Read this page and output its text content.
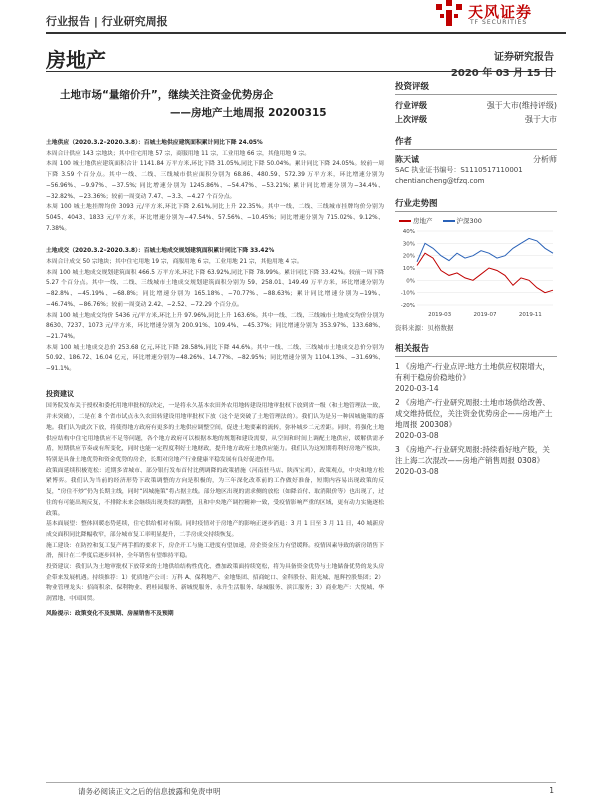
行业报告 | 行业研究周报
天风证券
TF SECURITIES
房地产	证券研究报告
2020 年 03 月 15 日
土地市场“量缩价升”，继续关注资金优势房企
——房地产土地周报 20200315

土地供应（2020.3.2–2020.3.8）：百城土地供应建筑面积累计同比下降 24.05%

本周合计供应 143 宗地块；其中住宅用地 57 宗，商服用地 11 宗，工业用地 66 宗，其他用地 9 宗。

本周 100 城土地供应建筑面积合计 1141.84 万平方米,环比下降 31.05%,同比下降 50.04%。累计同比下降 24.05%。较前一周下降 3.59 个百分点。其中一线、二线、三线城市供应面积分别为 68.86、480.59、572.39 万平方米，环比增速分别为−56.96%、−9.97%、−37.5%; 同比增速分别为 1245.86%、−54.47%、−53.21%; 累计同比增速分别为−34.4%、−32.82%、−23.36%；较前一周变动 7.47、−3.3、−4.27 个百分点。

本周 100 城土地挂牌均价 3093 元/平方米,环比下降 2.61%,同比上升 22.35%。其中一线、二线、三线城市挂牌均价分别为 5045、4043、1833 元/平方米，环比增速分别为−47.54%、57.56%、−10.45%；同比增速分别为 715.02%、9.12%、7.38%。

土地成交（2020.3.2–2020.3.8）：百城土地成交规划建筑面积累计同比下降 33.42%

本周合计成交 50 宗地块；其中住宅用地 19 宗，商服用地 6 宗，工业用地 21 宗，其他用地 4 宗。

本周 100 城土地成交规划建筑面积 466.5 万平方米,环比下降 63.92%,同比下降 78.99%。累计同比下降 33.42%。较前一周下降 5.27 个百分点。其中一线、二线、三线城市土地成交规划建筑面积分别为 59、258.01、149.49 万平方米，环比增速分别为−82.8%、−45.19%、−68.8%；同比增速分别为 165.18%、−70.77%、−88.63%；累计同比增速分别为−19%、−46.74%、−86.76%；较前一周变动 2.42、−2.52、−72.29 个百分点。

本周 100 城土地成交均价 5436 元/平方米,环比上升 97.96%,同比上升 163.6%。其中一线、二线、三线城市土地成交均价分别为 8630、7237、1073 元/平方米，环比增速分别为 200.91%、109.4%、−45.37%；同比增速分别为 353.97%、133.68%、−21.74%。

本周 100 城土地成交总价 253.68 亿元,环比下降 28.58%,同比下降 44.6%。其中一线、二线、三线城市土地成交总价分别为 50.92、186.72、16.04 亿元，环比增速分别为−48.26%、14.77%、−82.95%；同比增速分别为 1104.13%、−31.69%、−91.1%。

投资建议

国务院发布关于授权和委托用地审批权的决定，一是将永久基本农田外农用地转建设用地审批权下放到省一级（和土地管理法一致，并未突破），二是在 8 个省市试点永久农田转建设用地审批权下放（这个是突破了土地管理法的）。我们认为是另一种因城施策的落地。我们认为此次下放，将使得地方政府有更多的土地供应调整空间，促进土地要素的流转，弥补城乡二元差距。同时，将强化土地供应结构中住宅用地供应不足等问题，各个地方政府可以根据本地的规划和建设需要，从空间和时间上调配土地供应，缓解供需矛盾，短期供应节奏或有所变化，同时也能一定程度利好土地财政，提升地方政府土地供应能力。我们认为这短期将利好房地产板块，特别是具备土地优势和资金优势的房企，长期对房地产行业健康平稳发展有良好促进作用。

政策面延续积极宽松：近期多省城市、部分银行发布首付比例调降的政策措施（河南驻马店、陕西宝鸡），政策观点，中央和地方松紧博弈。我们认为当前的经济形势下政策调整的方向是积极的，为三年深化改革前的工作做好准备，短期内容易出现政策的反复，“房住不炒”仍为长期主线，同时“因城施策”将占据主线。部分地区出现的需求侧的放松（如降首付、取消限价等）也出现了，过往的有可能出现反复，不排除未来会继续出现类似的调整，且和中央地产调控精神一致，受疫情影响严重的区域，更有动力实施逐松政策。

基本面展望：整体回暖态势延续，住宅供给相对有限。同时疫情对于房地产的影响正逐步消退：3 月 1 日至 3 月 11 日，40 城新房成交面积同比降幅收窄，部分城市复工率明显提升，二手房成交持续恢复。

施工建设：在防控和复工复产两手抓的要求下，房企开工与施工进度有望加速，房企资金压力有望缓释。疫情因素导致的新房销售下滑，预计在二季度后逐步回补，全年销售有望维持平稳。

投资建议：我们认为土地审批权下放带来的土地供给结构性优化、叠加政策面持续宽松，将为具备资金优势与土地储备优势的龙头房企带来发展机遇。持续推荐：1）优质地产公司：万科 A、保利地产、金地集团、招商蛇口、金科股份、阳光城、旭辉控股集团；2）物业管理龙头：招商积余、保利物业、碧桂园服务、新城悦服务、永升生活服务、绿城服务、滨江服务；3）商业地产：大悦城、华润置地、中国国贸。

风险提示：政策变化不及预期、房屋销售不及预期

投资评级
行业评级	强于大市(维持评级)
上次评级	强于大市
作者
陈天诚	分析师
SAC 执业证书编号：S1110517110001
chentiancheng@tfzq.com
行业走势图
房地产	沪深300
40%
30%
20%
10%
0%
-10%
-20%
2019-03	2019-07	2019-11
资料来源：贝格数据
相关报告
1 《房地产-行业点评:地方土地供应权限增大，有利于稳房价稳地价》
2020-03-14
2 《房地产-行业研究周报:土地市场供给改善、成交维持低位，关注资金优势房企——房地产土地周报 200308》
2020-03-08
3 《房地产-行业研究周报:持续看好地产股，关注上海二次混改——房地产销售周报 0308》
2020-03-08
请务必阅读正文之后的信息披露和免责申明	1
